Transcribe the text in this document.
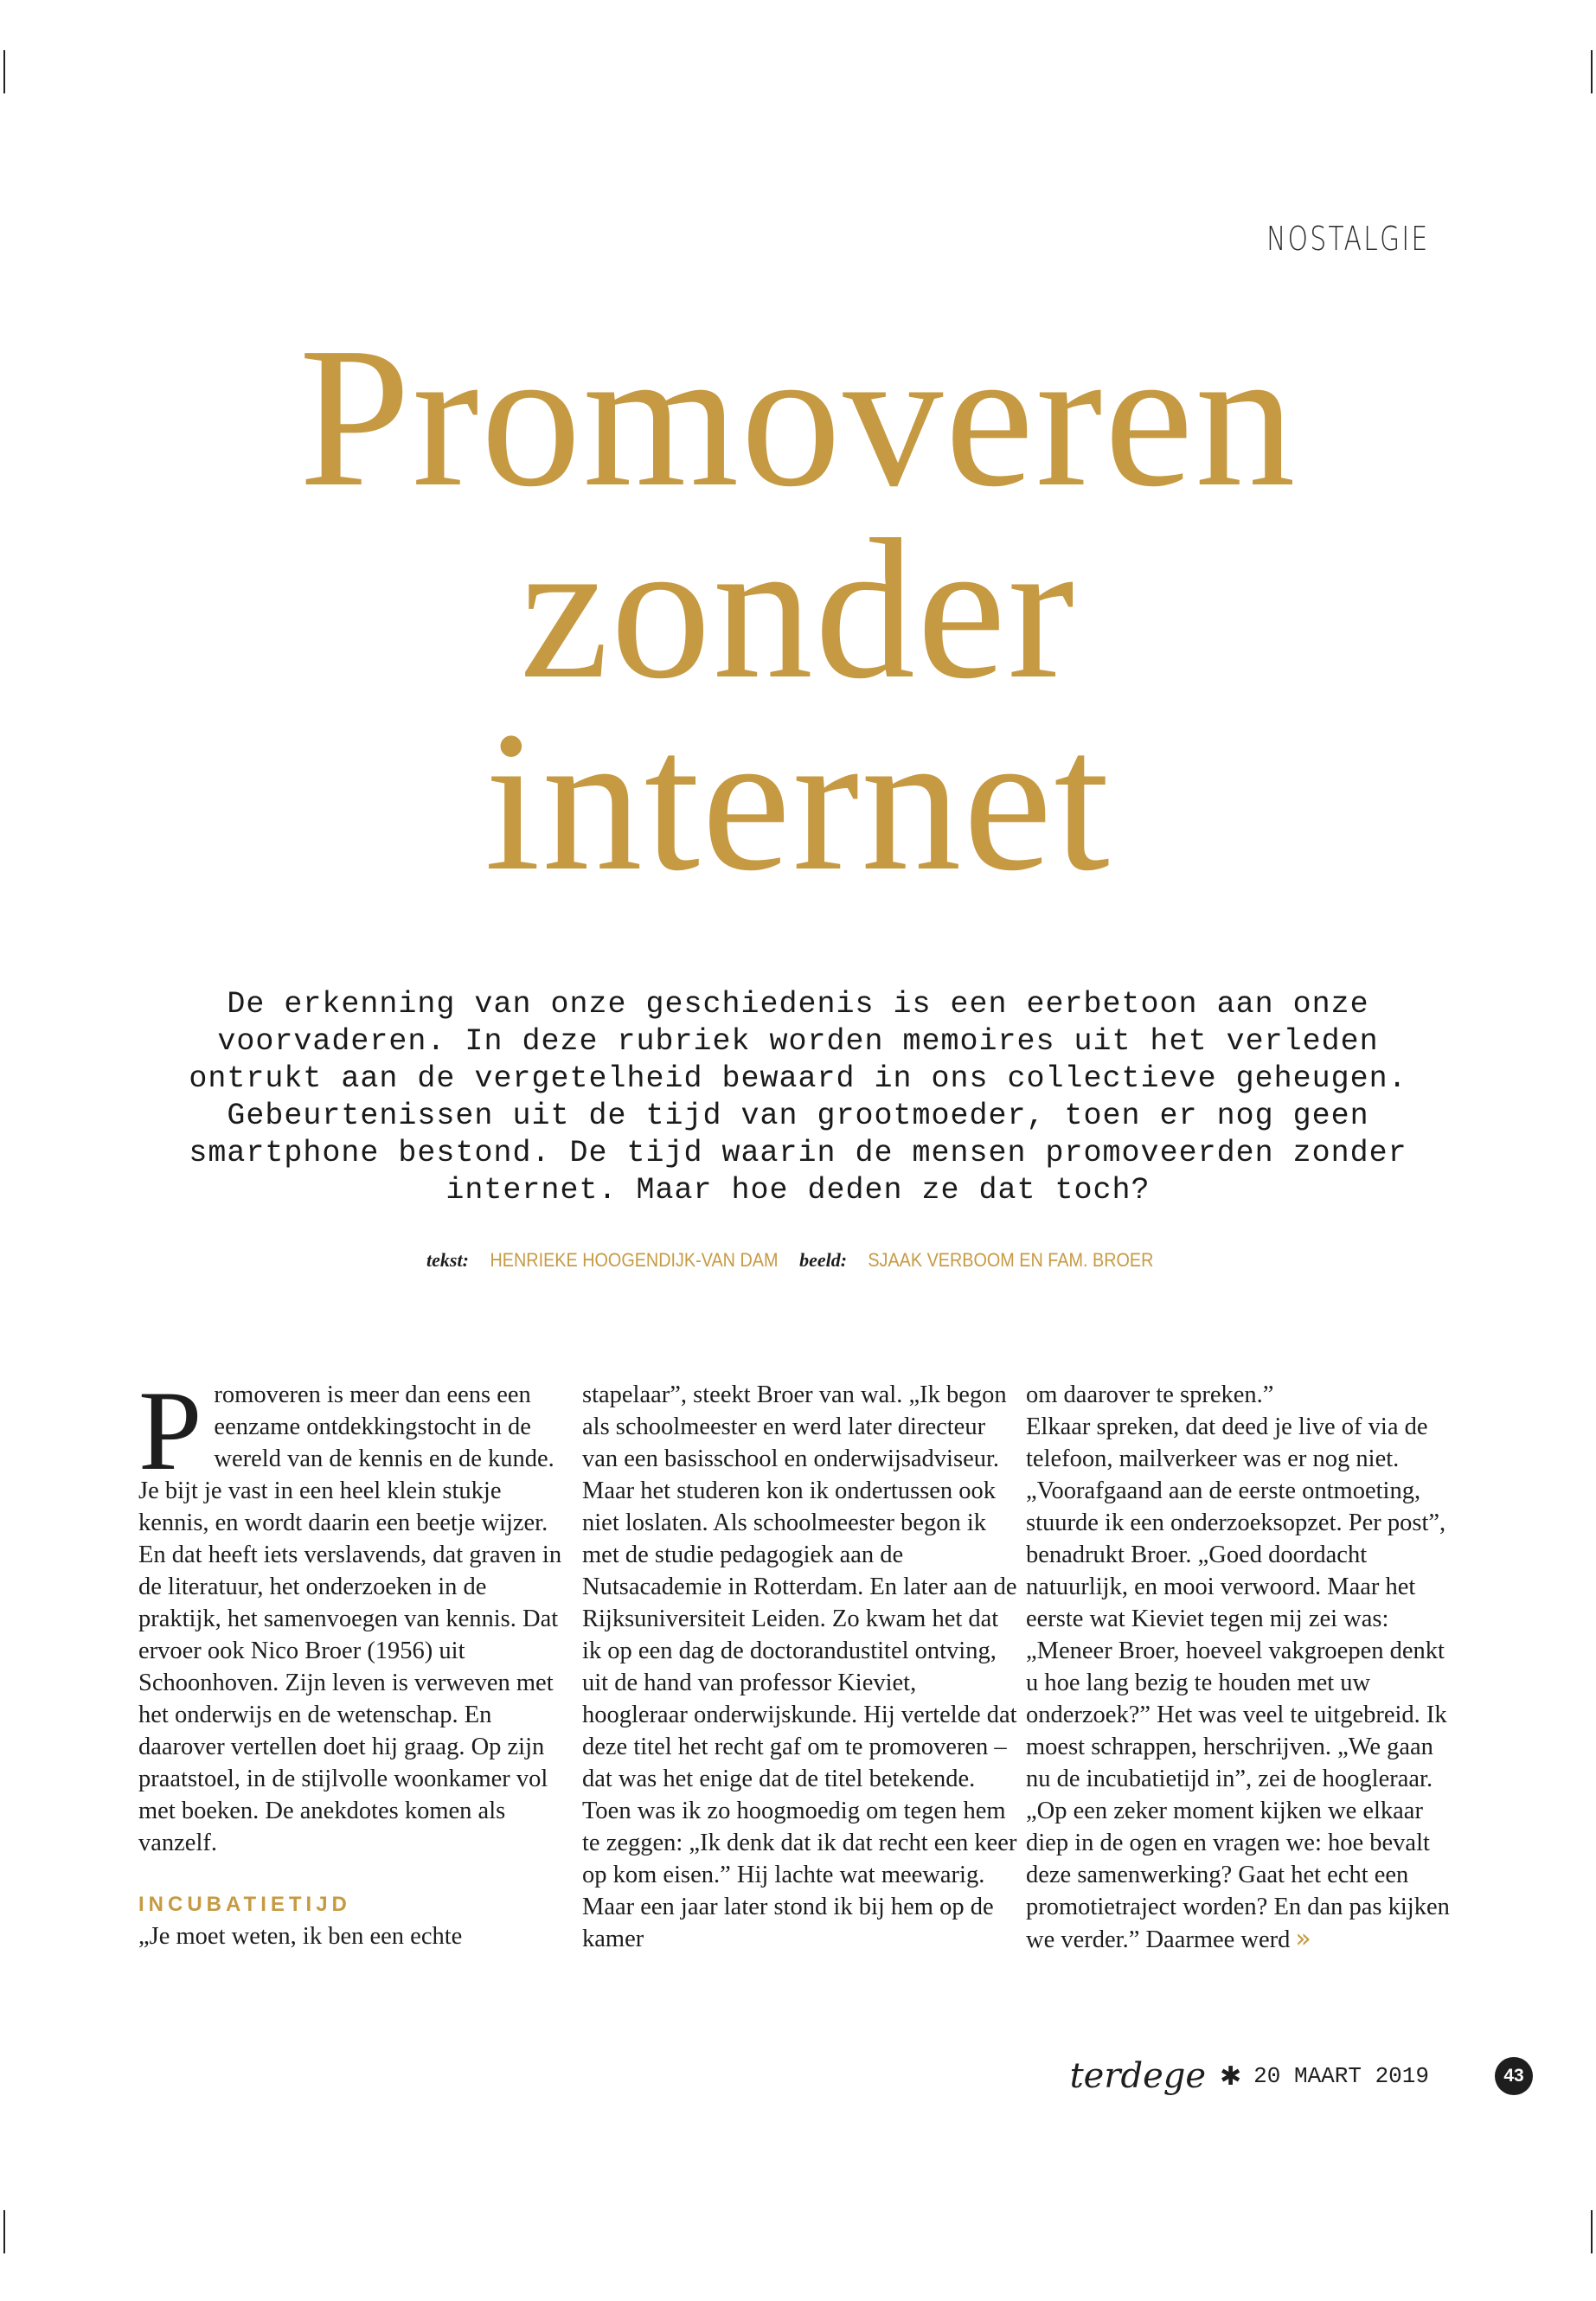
NOSTALGIE
Promoveren
zonder
internet
De erkenning van onze geschiedenis is een eerbetoon aan onze voorvaderen. In deze rubriek worden memoires uit het verleden ontrukt aan de vergetelheid bewaard in ons collectieve geheugen. Gebeurtenissen uit de tijd van grootmoeder, toen er nog geen smartphone bestond. De tijd waarin de mensen promoveerden zonder internet. Maar hoe deden ze dat toch?
tekst: HENRIEKE HOOGENDIJK-VAN DAM beeld: SJAAK VERBOOM EN FAM. BROER

Promoveren is meer dan eens een eenzame ontdekkingstocht in de wereld van de kennis en de kunde. Je bijt je vast in een heel klein stukje kennis, en wordt daarin een beetje wijzer. En dat heeft iets verslavends, dat graven in de literatuur, het onderzoeken in de praktijk, het samenvoegen van kennis. Dat ervoer ook Nico Broer (1956) uit Schoonhoven. Zijn leven is verweven met het onderwijs en de wetenschap. En daarover vertellen doet hij graag. Op zijn praatstoel, in de stijlvolle woonkamer vol met boeken. De anekdotes komen als vanzelf.

INCUBATIETIJD

„Je moet weten, ik ben een echte

stapelaar”, steekt Broer van wal. „Ik begon als schoolmeester en werd later directeur van een basisschool en onderwijsadviseur. Maar het studeren kon ik ondertussen ook niet loslaten. Als schoolmeester begon ik met de studie pedagogiek aan de Nutsacademie in Rotterdam. En later aan de Rijksuniversiteit Leiden. Zo kwam het dat ik op een dag de doctorandustitel ontving, uit de hand van professor Kieviet, hoogleraar onderwijskunde. Hij vertelde dat deze titel het recht gaf om te promoveren – dat was het enige dat de titel betekende. Toen was ik zo hoogmoedig om tegen hem te zeggen: „Ik denk dat ik dat recht een keer op kom eisen.” Hij lachte wat meewarig. Maar een jaar later stond ik bij hem op de kamer

om daarover te spreken.”

Elkaar spreken, dat deed je live of via de telefoon, mailverkeer was er nog niet. „Voorafgaand aan de eerste ontmoeting, stuurde ik een onderzoeksopzet. Per post”, benadrukt Broer. „Goed doordacht natuurlijk, en mooi verwoord. Maar het eerste wat Kieviet tegen mij zei was: „Meneer Broer, hoeveel vakgroepen denkt u hoe lang bezig te houden met uw onderzoek?” Het was veel te uitgebreid. Ik moest schrappen, herschrijven. „We gaan nu de incubatietijd in”, zei de hoogleraar. „Op een zeker moment kijken we elkaar diep in de ogen en vragen we: hoe bevalt deze samenwerking? Gaat het echt een promotietraject worden? En dan pas kijken we verder.” Daarmee werd »

terdege ✱ 20 MAART 2019	43
